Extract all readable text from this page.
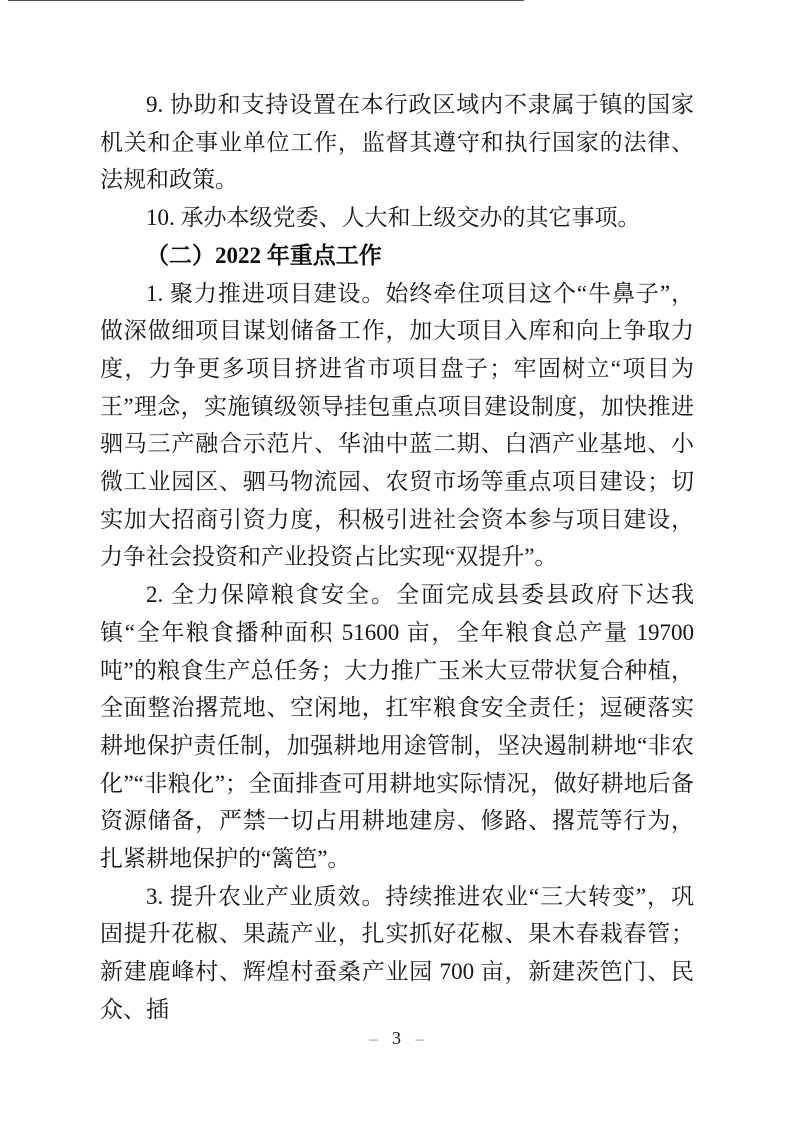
9. 协助和支持设置在本行政区域内不隶属于镇的国家机关和企事业单位工作，监督其遵守和执行国家的法律、法规和政策。

10. 承办本级党委、人大和上级交办的其它事项。

（二）2022 年重点工作

1. 聚力推进项目建设。始终牵住项目这个“牛鼻子”，做深做细项目谋划储备工作，加大项目入库和向上争取力度，力争更多项目挤进省市项目盘子；牢固树立“项目为王”理念，实施镇级领导挂包重点项目建设制度，加快推进驷马三产融合示范片、华油中蓝二期、白酒产业基地、小微工业园区、驷马物流园、农贸市场等重点项目建设；切实加大招商引资力度，积极引进社会资本参与项目建设，力争社会投资和产业投资占比实现“双提升”。

2. 全力保障粮食安全。全面完成县委县政府下达我镇“全年粮食播种面积 51600 亩，全年粮食总产量 19700 吨”的粮食生产总任务；大力推广玉米大豆带状复合种植，全面整治撂荒地、空闲地，扛牢粮食安全责任；逗硬落实耕地保护责任制，加强耕地用途管制，坚决遏制耕地“非农化”“非粮化”；全面排查可用耕地实际情况，做好耕地后备资源储备，严禁一切占用耕地建房、修路、撂荒等行为，扎紧耕地保护的“篱笆”。

3. 提升农业产业质效。持续推进农业“三大转变”，巩固提升花椒、果蔬产业，扎实抓好花椒、果木春栽春管；新建鹿峰村、辉煌村蚕桑产业园 700 亩，新建茨笆门、民众、插

– 3 –
